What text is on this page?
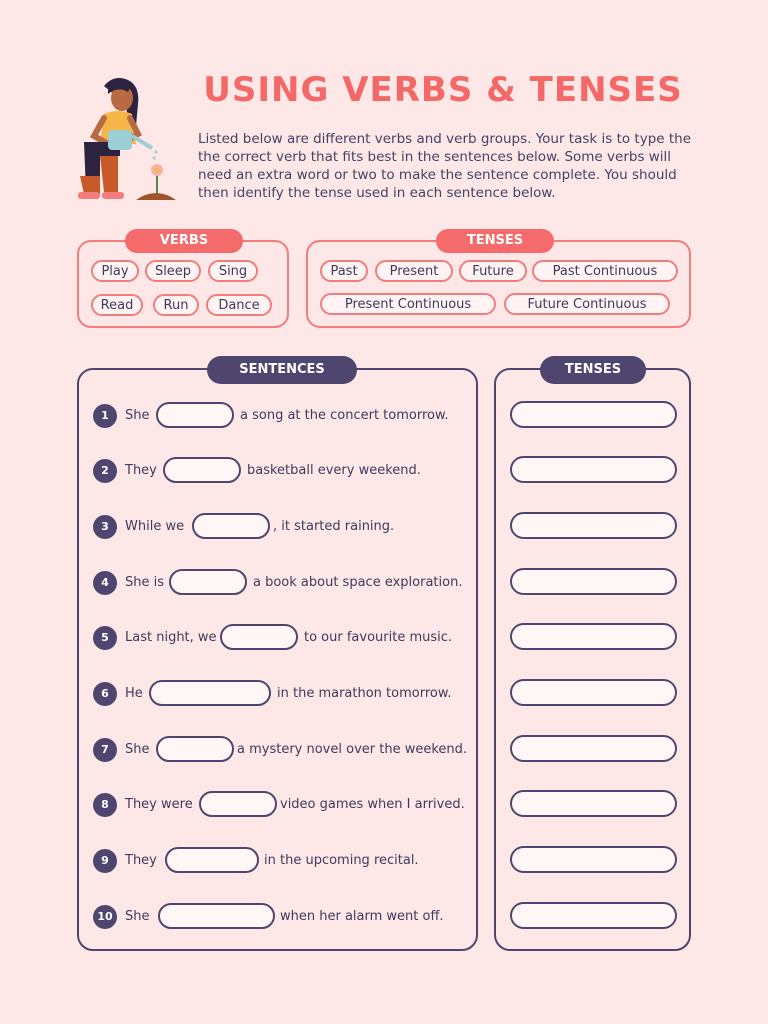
USING VERBS & TENSES
Listed below are different verbs and verb groups. Your task is to type the the correct verb that fits best in the sentences below. Some verbs will need an extra word or two to make the sentence complete. You should then identify the tense used in each sentence below.
VERBS
Play	Sleep	Sing
Read	Run	Dance
TENSES
Past	Present	Future	Past Continuous
Present Continuous	Future Continuous
SENTENCES
1	She	a song at the concert tomorrow.
2	They	basketball every weekend.
3	While we	, it started raining.
4	She is	a book about space exploration.
5	Last night, we	to our favourite music.
6	He	in the marathon tomorrow.
7	She	a mystery novel over the weekend.
8	They were	video games when I arrived.
9	They	in the upcoming recital.
10 She	when her alarm went off.
TENSES
